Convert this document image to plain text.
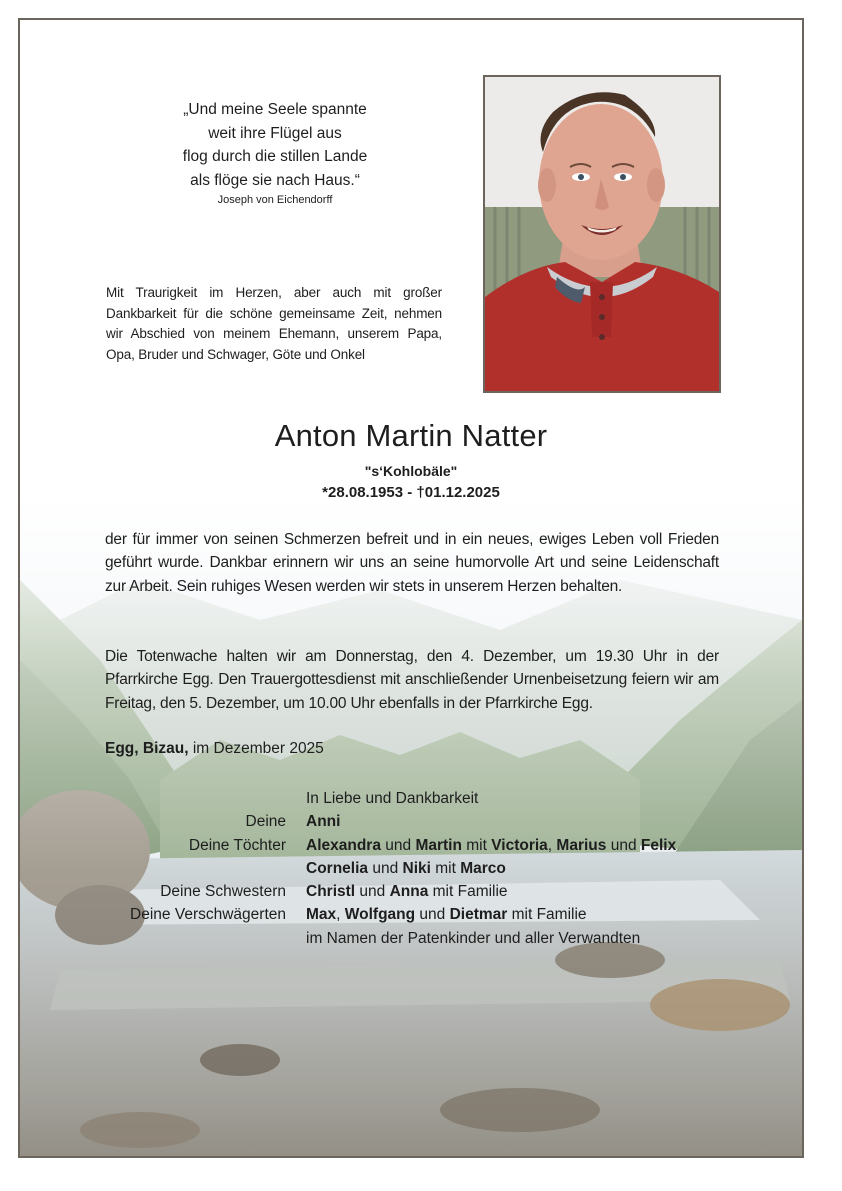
„Und meine Seele spannte
weit ihre Flügel aus
flog durch die stillen Lande
als flöge sie nach Haus.“
Joseph von Eichendorff
Mit Traurigkeit im Herzen, aber auch mit großer Dankbarkeit für die schöne gemeinsame Zeit, nehmen wir Abschied von meinem Ehemann, unserem Papa, Opa, Bruder und Schwager, Göte und Onkel
Anton Martin Natter
"s‘Kohlobäle"
*28.08.1953 - †01.12.2025
der für immer von seinen Schmerzen befreit und in ein neues, ewiges Leben voll Frieden geführt wurde. Dankbar erinnern wir uns an seine humorvolle Art und seine Leidenschaft zur Arbeit. Sein ruhiges Wesen werden wir stets in unserem Herzen behalten.
Die Totenwache halten wir am Donnerstag, den 4. Dezember, um 19.30 Uhr in der Pfarrkirche Egg. Den Trauergottesdienst mit anschließender Urnenbeisetzung feiern wir am Freitag, den 5. Dezember, um 10.00 Uhr ebenfalls in der Pfarrkirche Egg.
Egg, Bizau, im Dezember 2025
In Liebe und Dankbarkeit
Deine	Anni
Deine Töchter	Alexandra und Martin mit Victoria, Marius und Felix
Cornelia und Niki mit Marco
Deine Schwestern	Christl und Anna mit Familie
Deine Verschwägerten	Max, Wolfgang und Dietmar mit Familie
im Namen der Patenkinder und aller Verwandten
